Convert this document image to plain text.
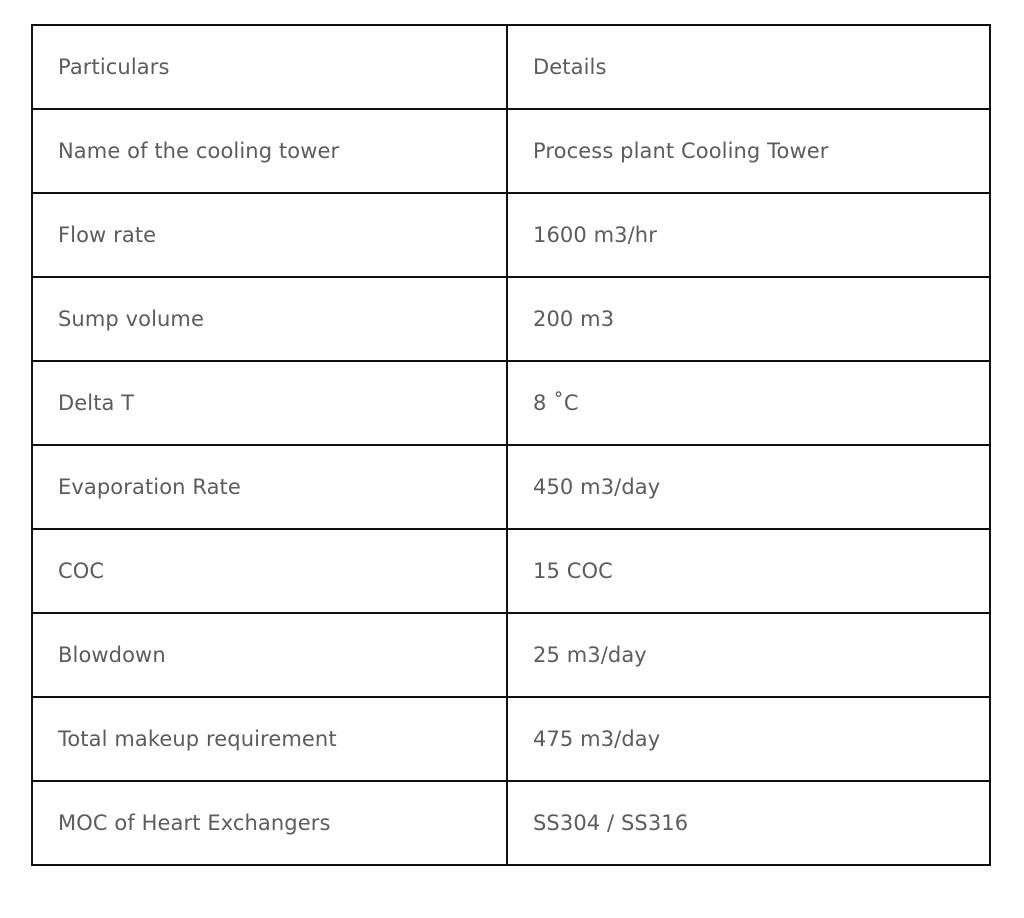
Particulars	Details
Name of the cooling tower	Process plant Cooling Tower
Flow rate	1600 m3/hr
Sump volume	200 m3
Delta T	8 ˚C
Evaporation Rate	450 m3/day
COC	15 COC
Blowdown	25 m3/day
Total makeup requirement	475 m3/day
MOC of Heart Exchangers	SS304 / SS316
